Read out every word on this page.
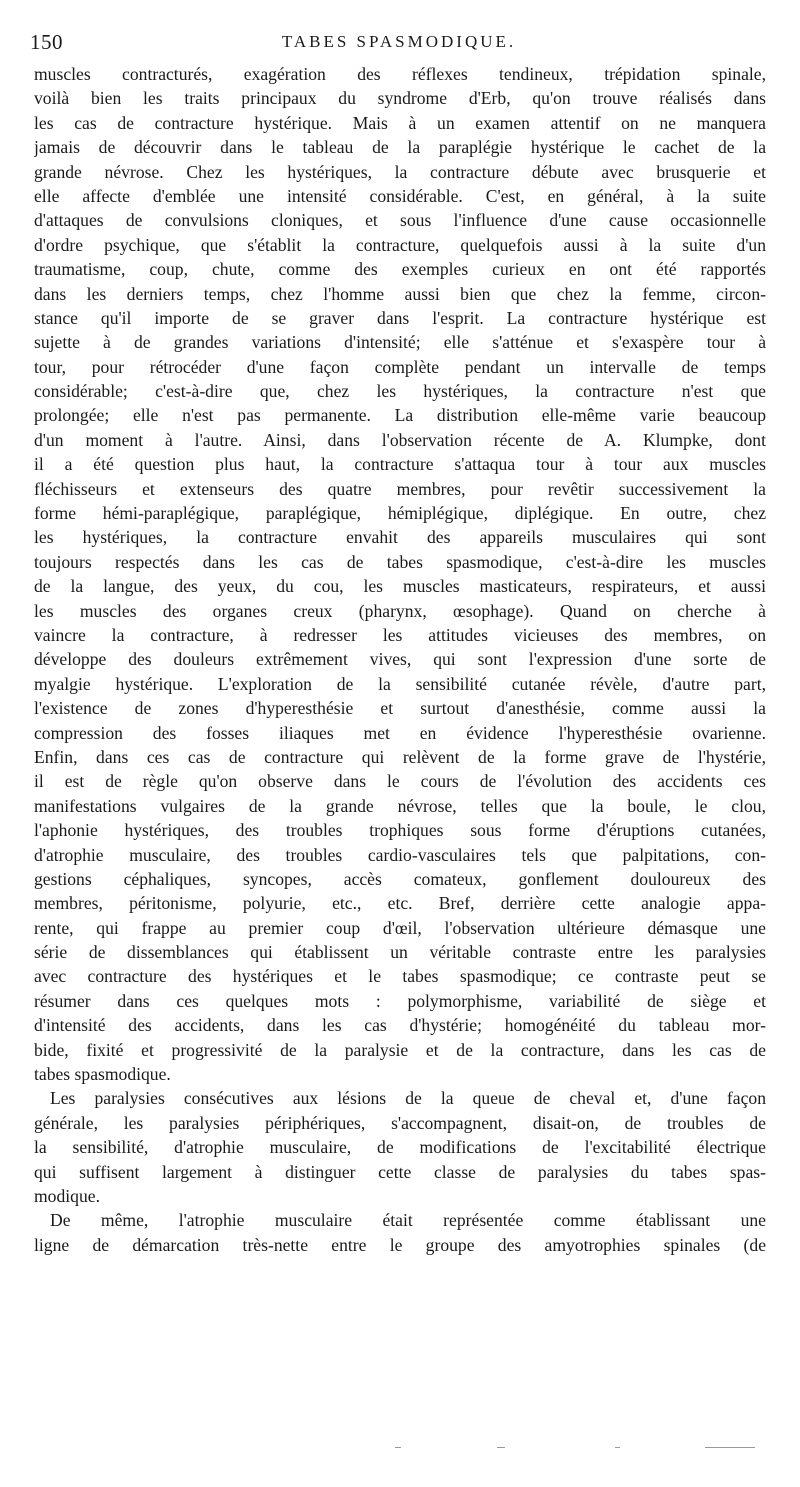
150	TABES SPASMODIQUE.
muscles contracturés, exagération des réflexes tendineux, trépidation spinale,
voilà bien les traits principaux du syndrome d'Erb, qu'on trouve réalisés dans
les cas de contracture hystérique. Mais à un examen attentif on ne manquera
jamais de découvrir dans le tableau de la paraplégie hystérique le cachet de la
grande névrose. Chez les hystériques, la contracture débute avec brusquerie et
elle affecte d'emblée une intensité considérable. C'est, en général, à la suite
d'attaques de convulsions cloniques, et sous l'influence d'une cause occasionnelle
d'ordre psychique, que s'établit la contracture, quelquefois aussi à la suite d'un
traumatisme, coup, chute, comme des exemples curieux en ont été rapportés
dans les derniers temps, chez l'homme aussi bien que chez la femme, circon-
stance qu'il importe de se graver dans l'esprit. La contracture hystérique est
sujette à de grandes variations d'intensité; elle s'atténue et s'exaspère tour à
tour, pour rétrocéder d'une façon complète pendant un intervalle de temps
considérable; c'est-à-dire que, chez les hystériques, la contracture n'est que
prolongée; elle n'est pas permanente. La distribution elle-même varie beaucoup
d'un moment à l'autre. Ainsi, dans l'observation récente de A. Klumpke, dont
il a été question plus haut, la contracture s'attaqua tour à tour aux muscles
fléchisseurs et extenseurs des quatre membres, pour revêtir successivement la
forme hémi-paraplégique, paraplégique, hémiplégique, diplégique. En outre, chez
les hystériques, la contracture envahit des appareils musculaires qui sont
toujours respectés dans les cas de tabes spasmodique, c'est-à-dire les muscles
de la langue, des yeux, du cou, les muscles masticateurs, respirateurs, et aussi
les muscles des organes creux (pharynx, œsophage). Quand on cherche à
vaincre la contracture, à redresser les attitudes vicieuses des membres, on
développe des douleurs extrêmement vives, qui sont l'expression d'une sorte de
myalgie hystérique. L'exploration de la sensibilité cutanée révèle, d'autre part,
l'existence de zones d'hyperesthésie et surtout d'anesthésie, comme aussi la
compression des fosses iliaques met en évidence l'hyperesthésie ovarienne.
Enfin, dans ces cas de contracture qui relèvent de la forme grave de l'hystérie,
il est de règle qu'on observe dans le cours de l'évolution des accidents ces
manifestations vulgaires de la grande névrose, telles que la boule, le clou,
l'aphonie hystériques, des troubles trophiques sous forme d'éruptions cutanées,
d'atrophie musculaire, des troubles cardio-vasculaires tels que palpitations, con-
gestions céphaliques, syncopes, accès comateux, gonflement douloureux des
membres, péritonisme, polyurie, etc., etc. Bref, derrière cette analogie appa-
rente, qui frappe au premier coup d'œil, l'observation ultérieure démasque une
série de dissemblances qui établissent un véritable contraste entre les paralysies
avec contracture des hystériques et le tabes spasmodique; ce contraste peut se
résumer dans ces quelques mots : polymorphisme, variabilité de siège et
d'intensité des accidents, dans les cas d'hystérie; homogénéité du tableau mor-
bide, fixité et progressivité de la paralysie et de la contracture, dans les cas de
tabes spasmodique.
Les paralysies consécutives aux lésions de la queue de cheval et, d'une façon
générale, les paralysies périphériques, s'accompagnent, disait-on, de troubles de
la sensibilité, d'atrophie musculaire, de modifications de l'excitabilité électrique
qui suffisent largement à distinguer cette classe de paralysies du tabes spas-
modique.
De même, l'atrophie musculaire était représentée comme établissant une
ligne de démarcation très-nette entre le groupe des amyotrophies spinales (de
